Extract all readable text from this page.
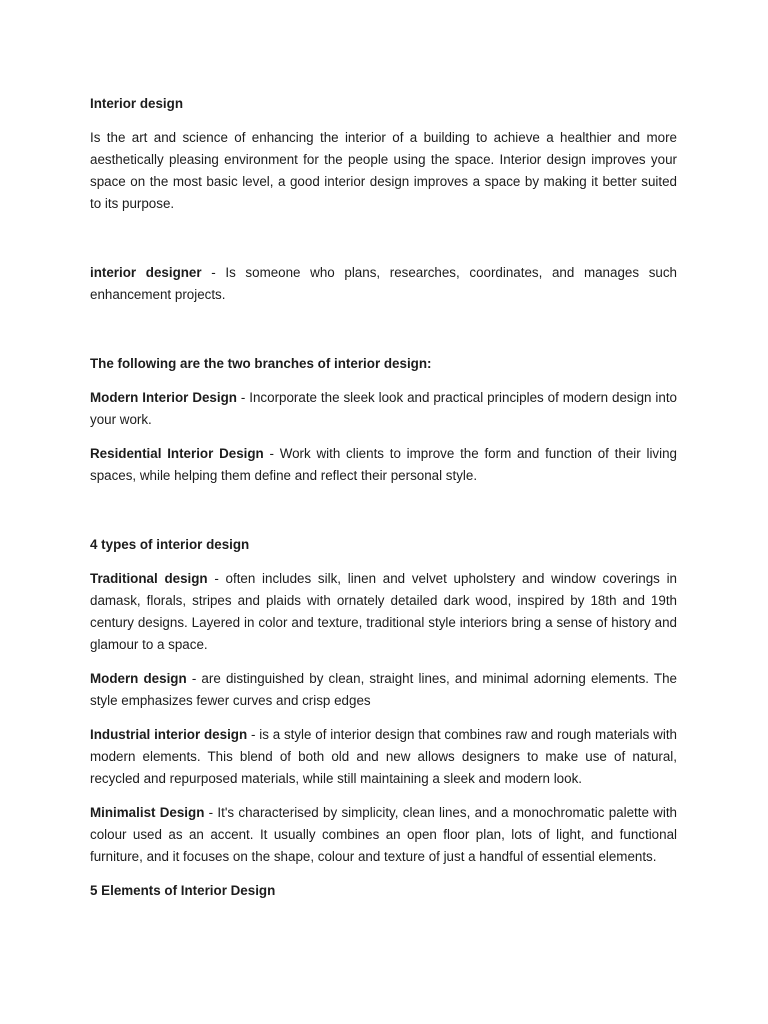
Interior design

Is the art and science of enhancing the interior of a building to achieve a healthier and more aesthetically pleasing environment for the people using the space. Interior design improves your space on the most basic level, a good interior design improves a space by making it better suited to its purpose.

interior designer - Is someone who plans, researches, coordinates, and manages such enhancement projects.

The following are the two branches of interior design:

Modern Interior Design - Incorporate the sleek look and practical principles of modern design into your work.

Residential Interior Design - Work with clients to improve the form and function of their living spaces, while helping them define and reflect their personal style.

4 types of interior design

Traditional design - often includes silk, linen and velvet upholstery and window coverings in damask, florals, stripes and plaids with ornately detailed dark wood, inspired by 18th and 19th century designs. Layered in color and texture, traditional style interiors bring a sense of history and glamour to a space.

Modern design - are distinguished by clean, straight lines, and minimal adorning elements. The style emphasizes fewer curves and crisp edges

Industrial interior design - is a style of interior design that combines raw and rough materials with modern elements. This blend of both old and new allows designers to make use of natural, recycled and repurposed materials, while still maintaining a sleek and modern look.

Minimalist Design - It's characterised by simplicity, clean lines, and a monochromatic palette with colour used as an accent. It usually combines an open floor plan, lots of light, and functional furniture, and it focuses on the shape, colour and texture of just a handful of essential elements.

5 Elements of Interior Design
